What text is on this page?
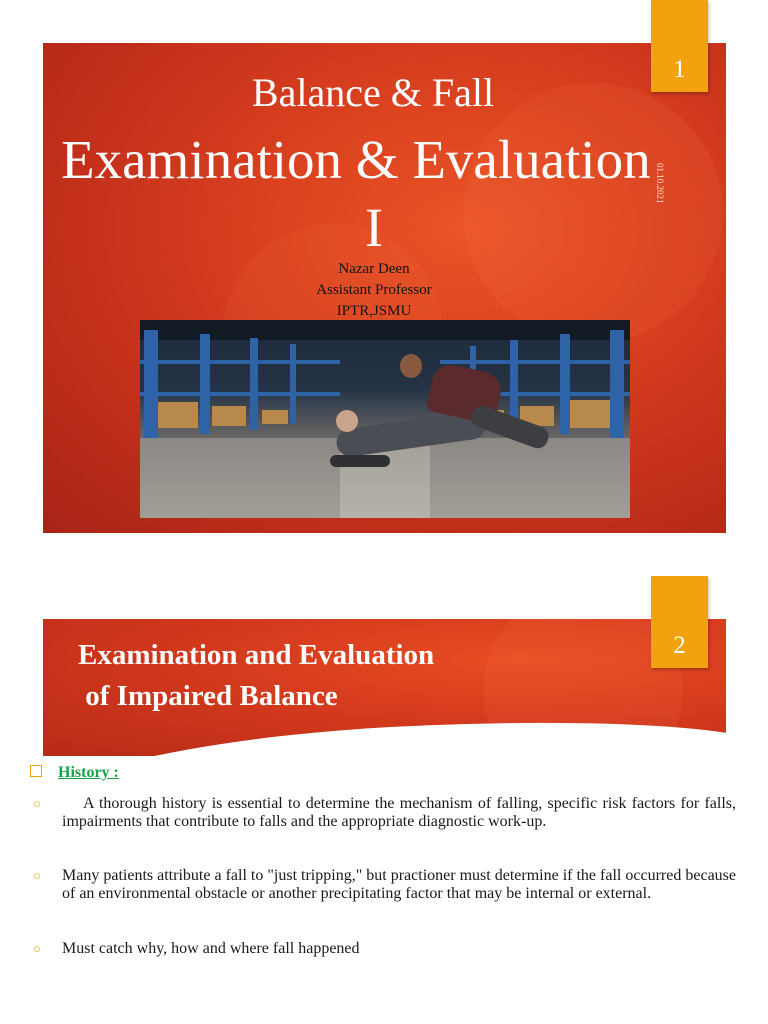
Balance & Fall
Examination & Evaluation
I
01.10.2021
Nazar Deen
Assistant Professor
IPTR,JSMU
1
Examination and Evaluation
of Impaired Balance
2
History :
○ A thorough history is essential to determine the mechanism of falling, specific risk factors for falls, impairments that contribute to falls and the appropriate diagnostic work-up.
○ Many patients attribute a fall to "just tripping," but practioner must determine if the fall occurred because of an environmental obstacle or another precipitating factor that may be internal or external.
○ Must catch why, how and where fall happened
